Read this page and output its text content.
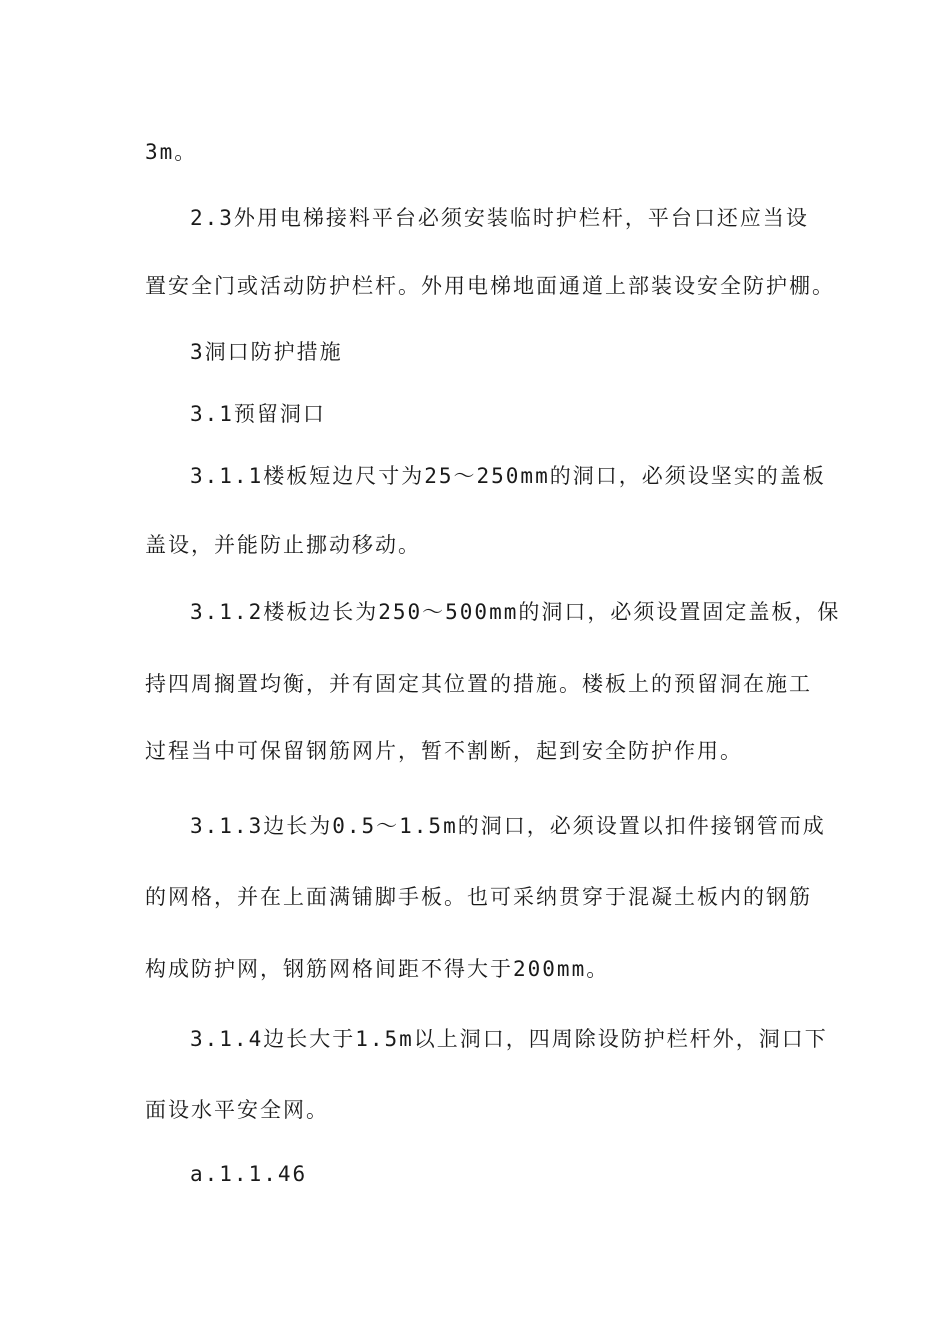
3m。

2.3外用电梯接料平台必须安装临时护栏杆，平台口还应当设

置安全门或活动防护栏杆。外用电梯地面通道上部装设安全防护棚。

3洞口防护措施

3.1预留洞口

3.1.1楼板短边尺寸为25～250mm的洞口，必须设坚实的盖板

盖设，并能防止挪动移动。

3.1.2楼板边长为250～500mm的洞口，必须设置固定盖板，保

持四周搁置均衡，并有固定其位置的措施。楼板上的预留洞在施工

过程当中可保留钢筋网片，暂不割断，起到安全防护作用。

3.1.3边长为0.5～1.5m的洞口，必须设置以扣件接钢管而成

的网格，并在上面满铺脚手板。也可采纳贯穿于混凝土板内的钢筋

构成防护网，钢筋网格间距不得大于200mm。

3.1.4边长大于1.5m以上洞口，四周除设防护栏杆外，洞口下

面设水平安全网。

a.1.1.46
